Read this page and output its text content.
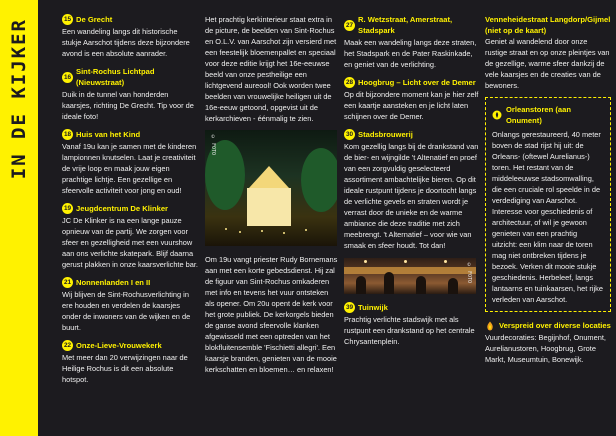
IN DE KIJKER	15 De Grecht
Een wandeling langs dit historische stukje Aarschot tijdens deze bijzondere avond is een absolute aanrader.
16
Sint-Rochus Lichtpad (Nieuwstraat)
Duik in de tunnel van honderden kaarsjes, richting De Grecht. Tip voor de ideale foto!
18 Huis van het Kind
Vanaf 19u kan je samen met de kinderen lampionnen knutselen. Laat je creativiteit de vrije loop en maak jouw eigen prachtige lichtje. Een gezellige en sfeervolle activiteit voor jong en oud!
19 Jeugdcentrum De Klinker
JC De Klinker is na een lange pauze opnieuw van de partij. We zorgen voor sfeer en gezelligheid met een vuurshow aan ons verlichte skatepark. Blijf daarna gerust plakken in onze kaarsverlichte bar.
21 Nonnenlanden I en II
Wij blijven de Sint-Rochusverlichting in ere houden en verdelen de kaarsjes onder de inwoners van de wijken en de buurt.
22 Onze-Lieve-Vrouwekerk
Met meer dan 20 verwijzingen naar de Heilige Rochus is dit een absolute hotspot.
Het prachtig kerkinterieur staat extra in de picture, de beelden van Sint-Rochus en O.L.V. van Aarschot zijn versierd met een feestelijk bloemenpallet en speciaal voor deze editie krijgt het 16e-eeuwse beeld van onze pestheilige een lichtgevend aureool! Ook worden twee beelden van vrouwelijke heiligen uit de 16e-eeuw getoond, opgevist uit de kerkarchieven - éénmalig te zien.
© FOTO
Om 19u vangt priester Rudy Bornemans aan met een korte gebedsdienst. Hij zal de figuur van Sint-Rochus omkaderen met info en tevens het vuur ontsteken als opener. Om 20u opent de kerk voor het grote publiek. De kerkorgels bieden de ganse avond sfeervolle klanken afgewisseld met een optreden van het blokfluitensemble 'Fischietti allegri'. Een kaarsje branden, genieten van de mooie kerkschatten en bloemen… en relaxen!
27
R. Wetzstraat, Amerstraat, Stadspark
Maak een wandeling langs deze straten, het Stadspark en de Pater Raskinkade, en geniet van de verlichting.
28 Hoogbrug – Licht over de Demer
Op dit bijzondere moment kan je hier zelf een kaartje aansteken en je licht laten schijnen over de Demer.
30 Stadsbrouwerij
Kom gezellig langs bij de drankstand van de bier- en wijngilde 't Altenatief en proef van een zorgvuldig geselecteerd assortiment ambachtelijke bieren. Op dit ideale rustpunt tijdens je doortocht langs de verlichte gevels en straten wordt je verrast door de unieke en de warme ambiance die deze traditie met zich meebrengt. 't Alternatief – voor wie van smaak en sfeer houdt. Tot dan!
© FOTO
39 Tuinwijk
Prachtig verlichte stadswijk met als rustpunt een drankstand op het centrale Chrysantenplein.
Venneheidestraat Langdorp/Gijmel (niet op de kaart)
Geniet al wandelend door onze rustige straat en op onze pleintjes van de gezellige, warme sfeer dankzij de vele kaarsjes en de creaties van de bewoners.
Orleanstoren (aan Onument)
Onlangs gerestaureerd, 40 meter boven de stad rijst hij uit: de Orleans- (oftewel Aurelianus-) toren. Het restant van de middeleeuwse stadsomwalling, die een cruciale rol speelde in de verdediging van Aarschot. Interesse voor geschiedenis of architectuur, of wil je gewoon genieten van een prachtig uitzicht: een klim naar de toren mag niet ontbreken tijdens je bezoek. Verken dit mooie stukje geschiedenis. Herbeleef, langs lantaarns en tuinkaarsen, het rijke verleden van Aarschot.
Verspreid over diverse locaties
Vuurdecoraties: Begijnhof, Onument, Aurelianustoren, Hoogbrug, Grote Markt, Museumtuin, Bonewijk.
